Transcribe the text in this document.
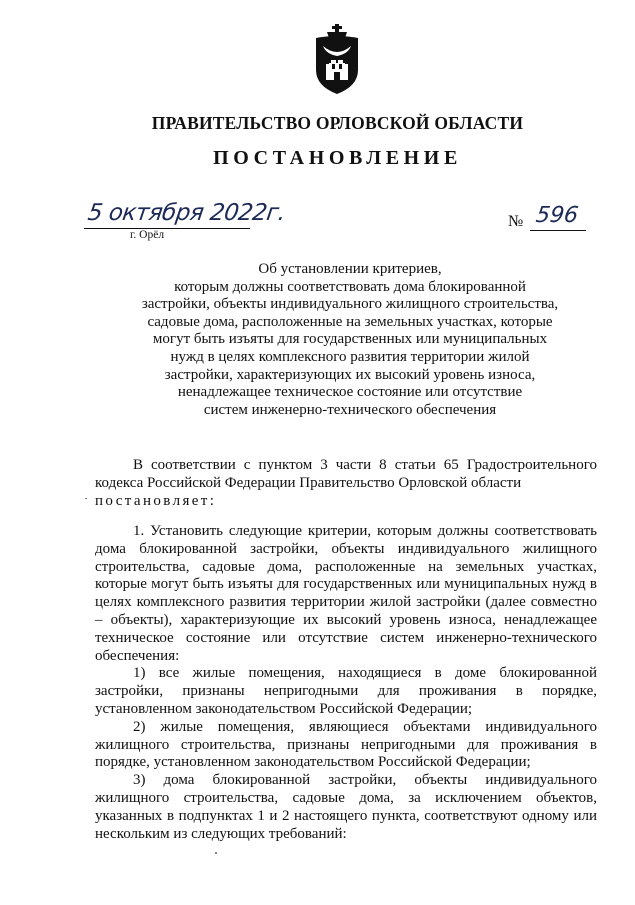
ПРАВИТЕЛЬСТВО ОРЛОВСКОЙ ОБЛАСТИ
ПОСТАНОВЛЕНИЕ
5 октября 2022г.
г. Орёл
№ 596
Об установлении критериев,
которым должны соответствовать дома блокированной
застройки, объекты индивидуального жилищного строительства,
садовые дома, расположенные на земельных участках, которые
могут быть изъяты для государственных или муниципальных
нужд в целях комплексного развития территории жилой
застройки, характеризующих их высокий уровень износа,
ненадлежащее техническое состояние или отсутствие
систем инженерно-технического обеспечения

В соответствии с пунктом 3 части 8 статьи 65 Градостроительного кодекса Российской Федерации Правительство Орловской области

постановляет:

1. Установить следующие критерии, которым должны соответствовать дома блокированной застройки, объекты индивидуального жилищного строительства, садовые дома, расположенные на земельных участках, которые могут быть изъяты для государственных или муниципальных нужд в целях комплексного развития территории жилой застройки (далее совместно – объекты), характеризующие их высокий уровень износа, ненадлежащее техническое состояние или отсутствие систем инженерно-технического обеспечения:

1) все жилые помещения, находящиеся в доме блокированной застройки, признаны непригодными для проживания в порядке, установленном законодательством Российской Федерации;

2) жилые помещения, являющиеся объектами индивидуального жилищного строительства, признаны непригодными для проживания в порядке, установленном законодательством Российской Федерации;

3) дома блокированной застройки, объекты индивидуального жилищного строительства, садовые дома, за исключением объектов, указанных в подпунктах 1 и 2 настоящего пункта, соответствуют одному или нескольким из следующих требований:
